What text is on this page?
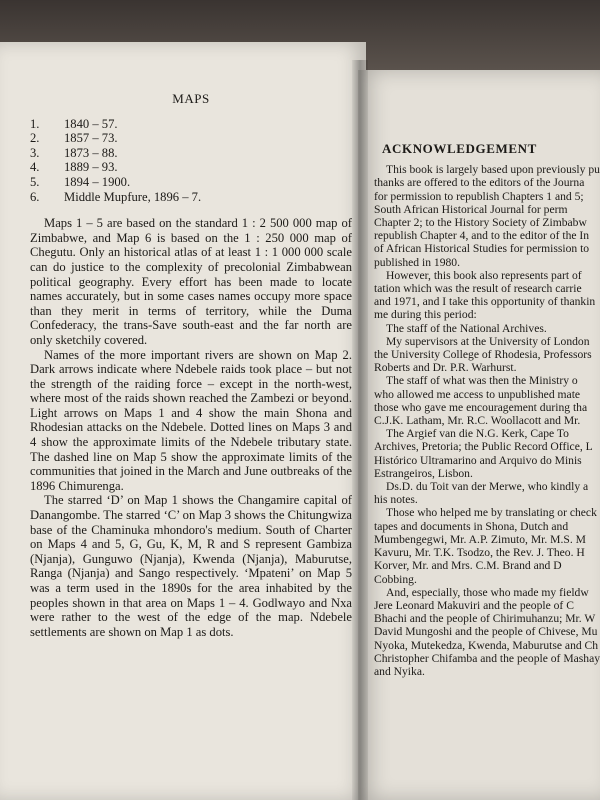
MAPS
1.	1840 – 57.
2.	1857 – 73.
3.	1873 – 88.
4.	1889 – 93.
5.	1894 – 1900.
6.	Middle Mupfure, 1896 – 7.

Maps 1 – 5 are based on the standard 1 : 2 500 000 map of Zimbabwe, and Map 6 is based on the 1 : 250 000 map of Chegutu. Only an historical atlas of at least 1 : 1 000 000 scale can do justice to the complexity of precolonial Zimbabwean political geography. Every effort has been made to locate names accurately, but in some cases names occupy more space than they merit in terms of territory, while the Duma Confederacy, the trans-Save south-east and the far north are only sketchily covered.

Names of the more important rivers are shown on Map 2. Dark arrows indicate where Ndebele raids took place – but not the strength of the raiding force – except in the north-west, where most of the raids shown reached the Zambezi or beyond. Light arrows on Maps 1 and 4 show the main Shona and Rhodesian attacks on the Ndebele. Dotted lines on Maps 3 and 4 show the approximate limits of the Ndebele tributary state. The dashed line on Map 5 show the approximate limits of the communities that joined in the March and June outbreaks of the 1896 Chimurenga.

The starred ‘D’ on Map 1 shows the Changamire capital of Danangombe. The starred ‘C’ on Map 3 shows the Chitungwiza base of the Chaminuka mhondoro's medium. South of Charter on Maps 4 and 5, G, Gu, K, M, R and S represent Gambiza (Njanja), Gunguwo (Njanja), Kwenda (Njanja), Maburutse, Ranga (Njanja) and Sango respectively. ‘Mpateni’ on Map 5 was a term used in the 1890s for the area inhabited by the peoples shown in that area on Maps 1 – 4. Godlwayo and Nxa were rather to the west of the edge of the map. Ndebele settlements are shown on Map 1 as dots.

ACKNOWLEDGEMENT
This book is largely based upon previously pu
thanks are offered to the editors of the Journa
for permission to republish Chapters 1 and 5;
South African Historical Journal for perm
Chapter 2; to the History Society of Zimbabw
republish Chapter 4, and to the editor of the In
of African Historical Studies for permission to
published in 1980.
However, this book also represents part of
tation which was the result of research carrie
and 1971, and I take this opportunity of thankin
me during this period:
The staff of the National Archives.
My supervisors at the University of London
the University College of Rhodesia, Professors
Roberts and Dr. P.R. Warhurst.
The staff of what was then the Ministry o
who allowed me access to unpublished mate
those who gave me encouragement during tha
C.J.K. Latham, Mr. R.C. Woollacott and Mr.
The Argief van die N.G. Kerk, Cape To
Archives, Pretoria; the Public Record Office, L
Histórico Ultramarino and Arquivo do Minis
Estrangeiros, Lisbon.
Ds.D. du Toit van der Merwe, who kindly a
his notes.
Those who helped me by translating or check
tapes and documents in Shona, Dutch and
Mumbengegwi, Mr. A.P. Zimuto, Mr. M.S. M
Kavuru, Mr. T.K. Tsodzo, the Rev. J. Theo. H
Korver, Mr. and Mrs. C.M. Brand and D
Cobbing.
And, especially, those who made my fieldw
Jere Leonard Makuviri and the people of C
Bhachi and the people of Chirimuhanzu; Mr. W
David Mungoshi and the people of Chivese, Mu
Nyoka, Mutekedza, Kwenda, Maburutse and Ch
Christopher Chifamba and the people of Mashay
and Nyika.
